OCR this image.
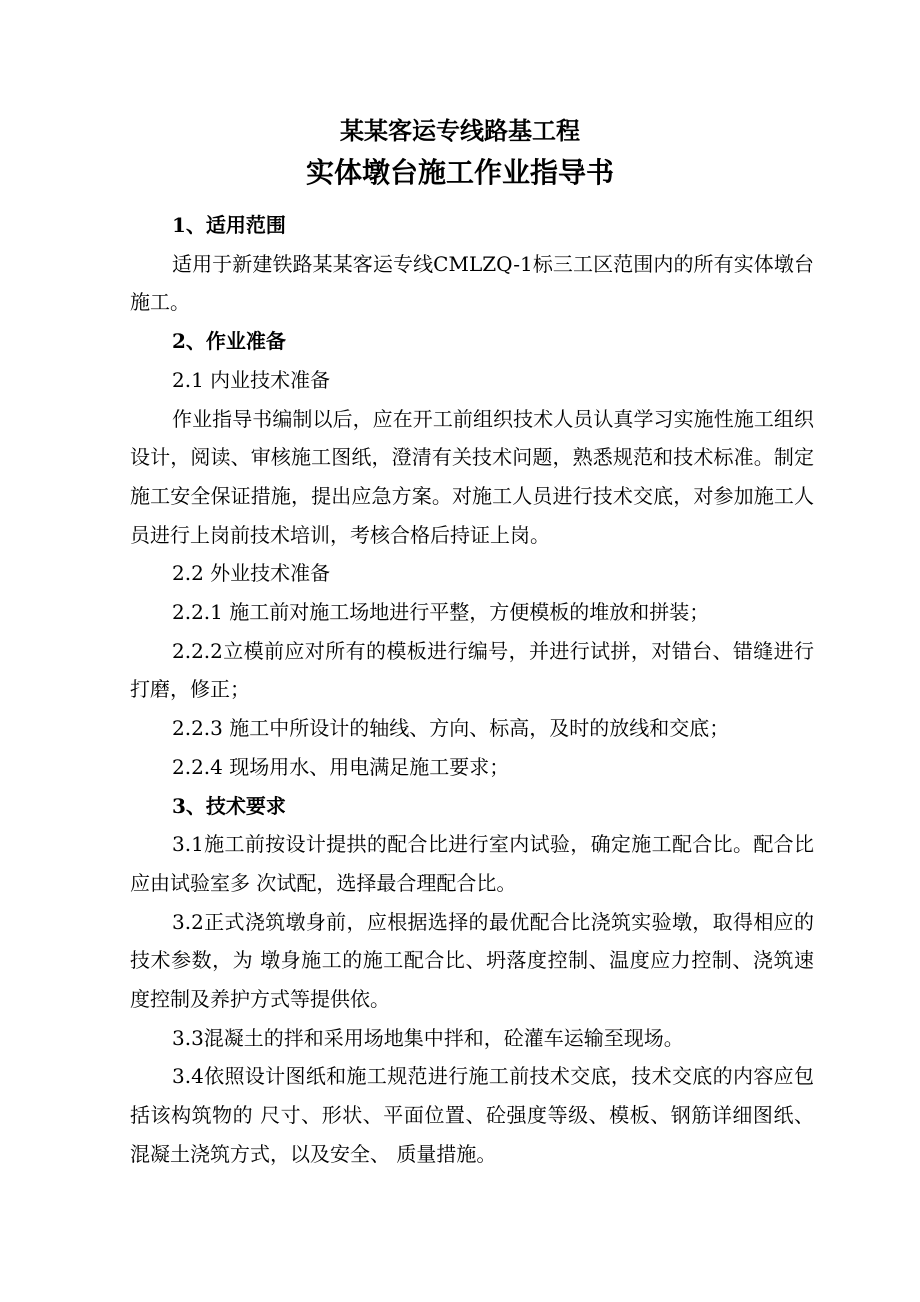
某某客运专线路基工程
实体墩台施工作业指导书

1、适用范围

适用于新建铁路某某客运专线CMLZQ-1标三工区范围内的所有实体墩台施工。

2、作业准备

2.1 内业技术准备

作业指导书编制以后，应在开工前组织技术人员认真学习实施性施工组织设计，阅读、审核施工图纸，澄清有关技术问题，熟悉规范和技术标准。制定施工安全保证措施，提出应急方案。对施工人员进行技术交底，对参加施工人员进行上岗前技术培训，考核合格后持证上岗。

2.2 外业技术准备

2.2.1 施工前对施工场地进行平整，方便模板的堆放和拼装；

2.2.2立模前应对所有的模板进行编号，并进行试拼，对错台、错缝进行打磨，修正；

2.2.3 施工中所设计的轴线、方向、标高，及时的放线和交底；

2.2.4 现场用水、用电满足施工要求；

3、技术要求

3.1施工前按设计提拱的配合比进行室内试验，确定施工配合比。配合比应由试验室多 次试配，选择最合理配合比。

3.2正式浇筑墩身前，应根据选择的最优配合比浇筑实验墩，取得相应的技术参数，为 墩身施工的施工配合比、坍落度控制、温度应力控制、浇筑速度控制及养护方式等提供依。

3.3混凝土的拌和采用场地集中拌和，砼灌车运输至现场。

3.4依照设计图纸和施工规范进行施工前技术交底，技术交底的内容应包括该构筑物的 尺寸、形状、平面位置、砼强度等级、模板、钢筋详细图纸、混凝土浇筑方式，以及安全、 质量措施。
